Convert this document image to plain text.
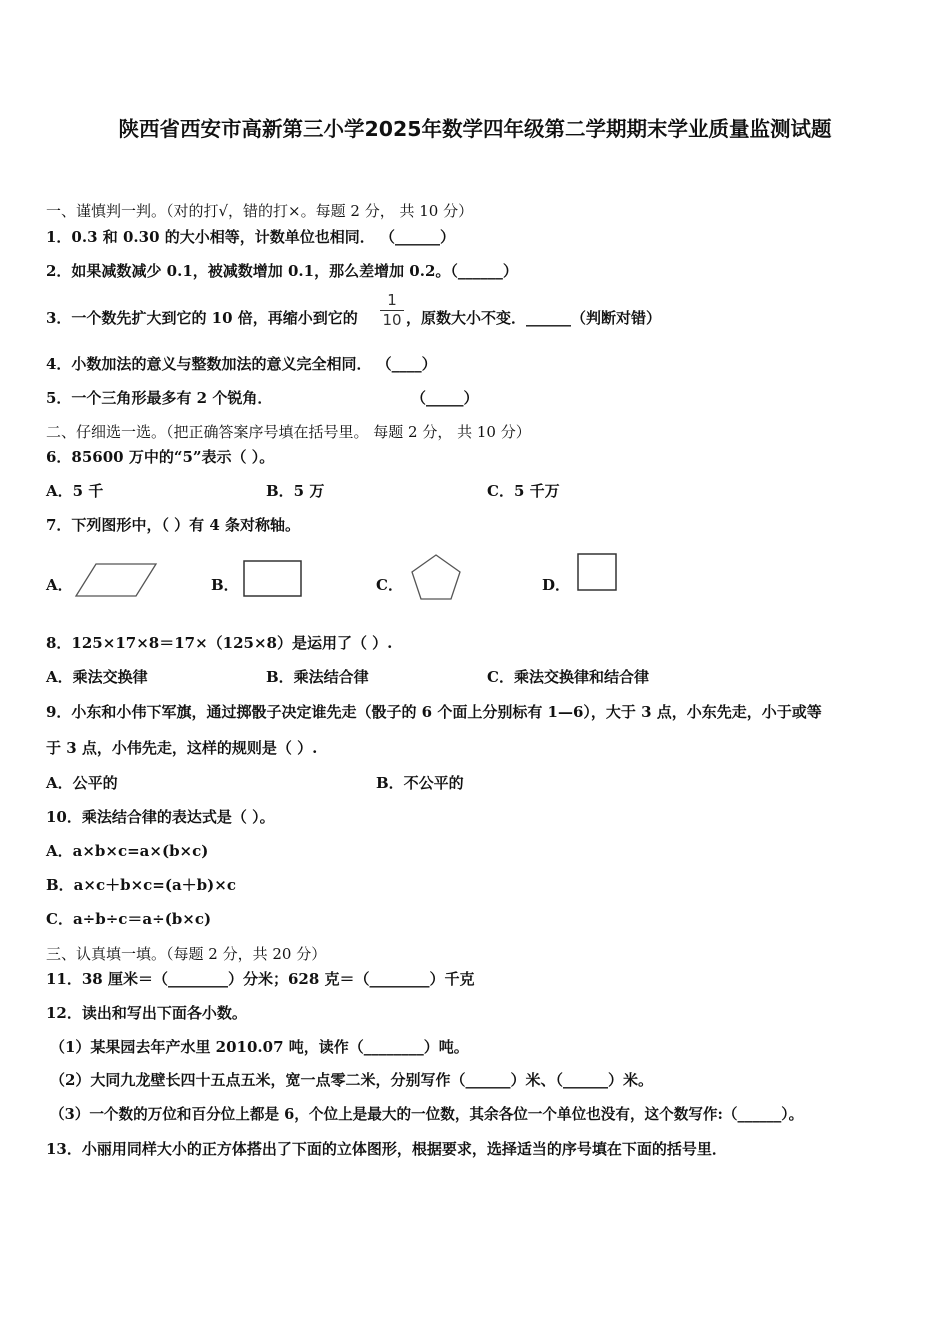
陕西省西安市高新第三小学2025年数学四年级第二学期期末学业质量监测试题
一、谨慎判一判。（对的打√，错的打×。每题 2 分， 共 10 分）
1．0.3 和 0.30 的大小相等，计数单位也相同． （______）
2．如果减数减少 0.1，被减数增加 0.1，那么差增加 0.2。（______）
3．一个数先扩大到它的 10 倍，再缩小到它的
1
10 ，原数大小不变．______（判断对错）
4．小数加法的意义与整数加法的意义完全相同． （____）
5．一个三角形最多有 2 个锐角．	（_____）
二、仔细选一选。（把正确答案序号填在括号里。 每题 2 分， 共 10 分）
6．85600 万中的“5”表示（ ）。
A．5 千	B．5 万	C．5 千万
7．下列图形中，（ ）有 4 条对称轴。
A．	B．	C．	D．
8．125×17×8＝17×（125×8）是运用了（ ）.
A．乘法交换律	B．乘法结合律	C．乘法交换律和结合律
9．小东和小伟下军旗，通过掷骰子决定谁先走（骰子的 6 个面上分别标有 1—6），大于 3 点，小东先走，小于或等
于 3 点，小伟先走，这样的规则是（ ）.
A．公平的	B．不公平的
10．乘法结合律的表达式是（ ）。
A．a×b×c=a×(b×c)
B．a×c＋b×c=(a＋b)×c
C．a÷b÷c＝a÷(b×c)
三、认真填一填。（每题 2 分，共 20 分）
11．38 厘米＝（________）分米；628 克＝（________）千克
12．读出和写出下面各小数。
（1）某果园去年产水里 2010.07 吨，读作（________）吨。
（2）大同九龙壁长四十五点五米，宽一点零二米，分别写作（______）米、（______）米。
（3）一个数的万位和百分位上都是 6，个位上是最大的一位数，其余各位一个单位也没有，这个数写作:（______）。
13．小丽用同样大小的正方体搭出了下面的立体图形，根据要求，选择适当的序号填在下面的括号里．
